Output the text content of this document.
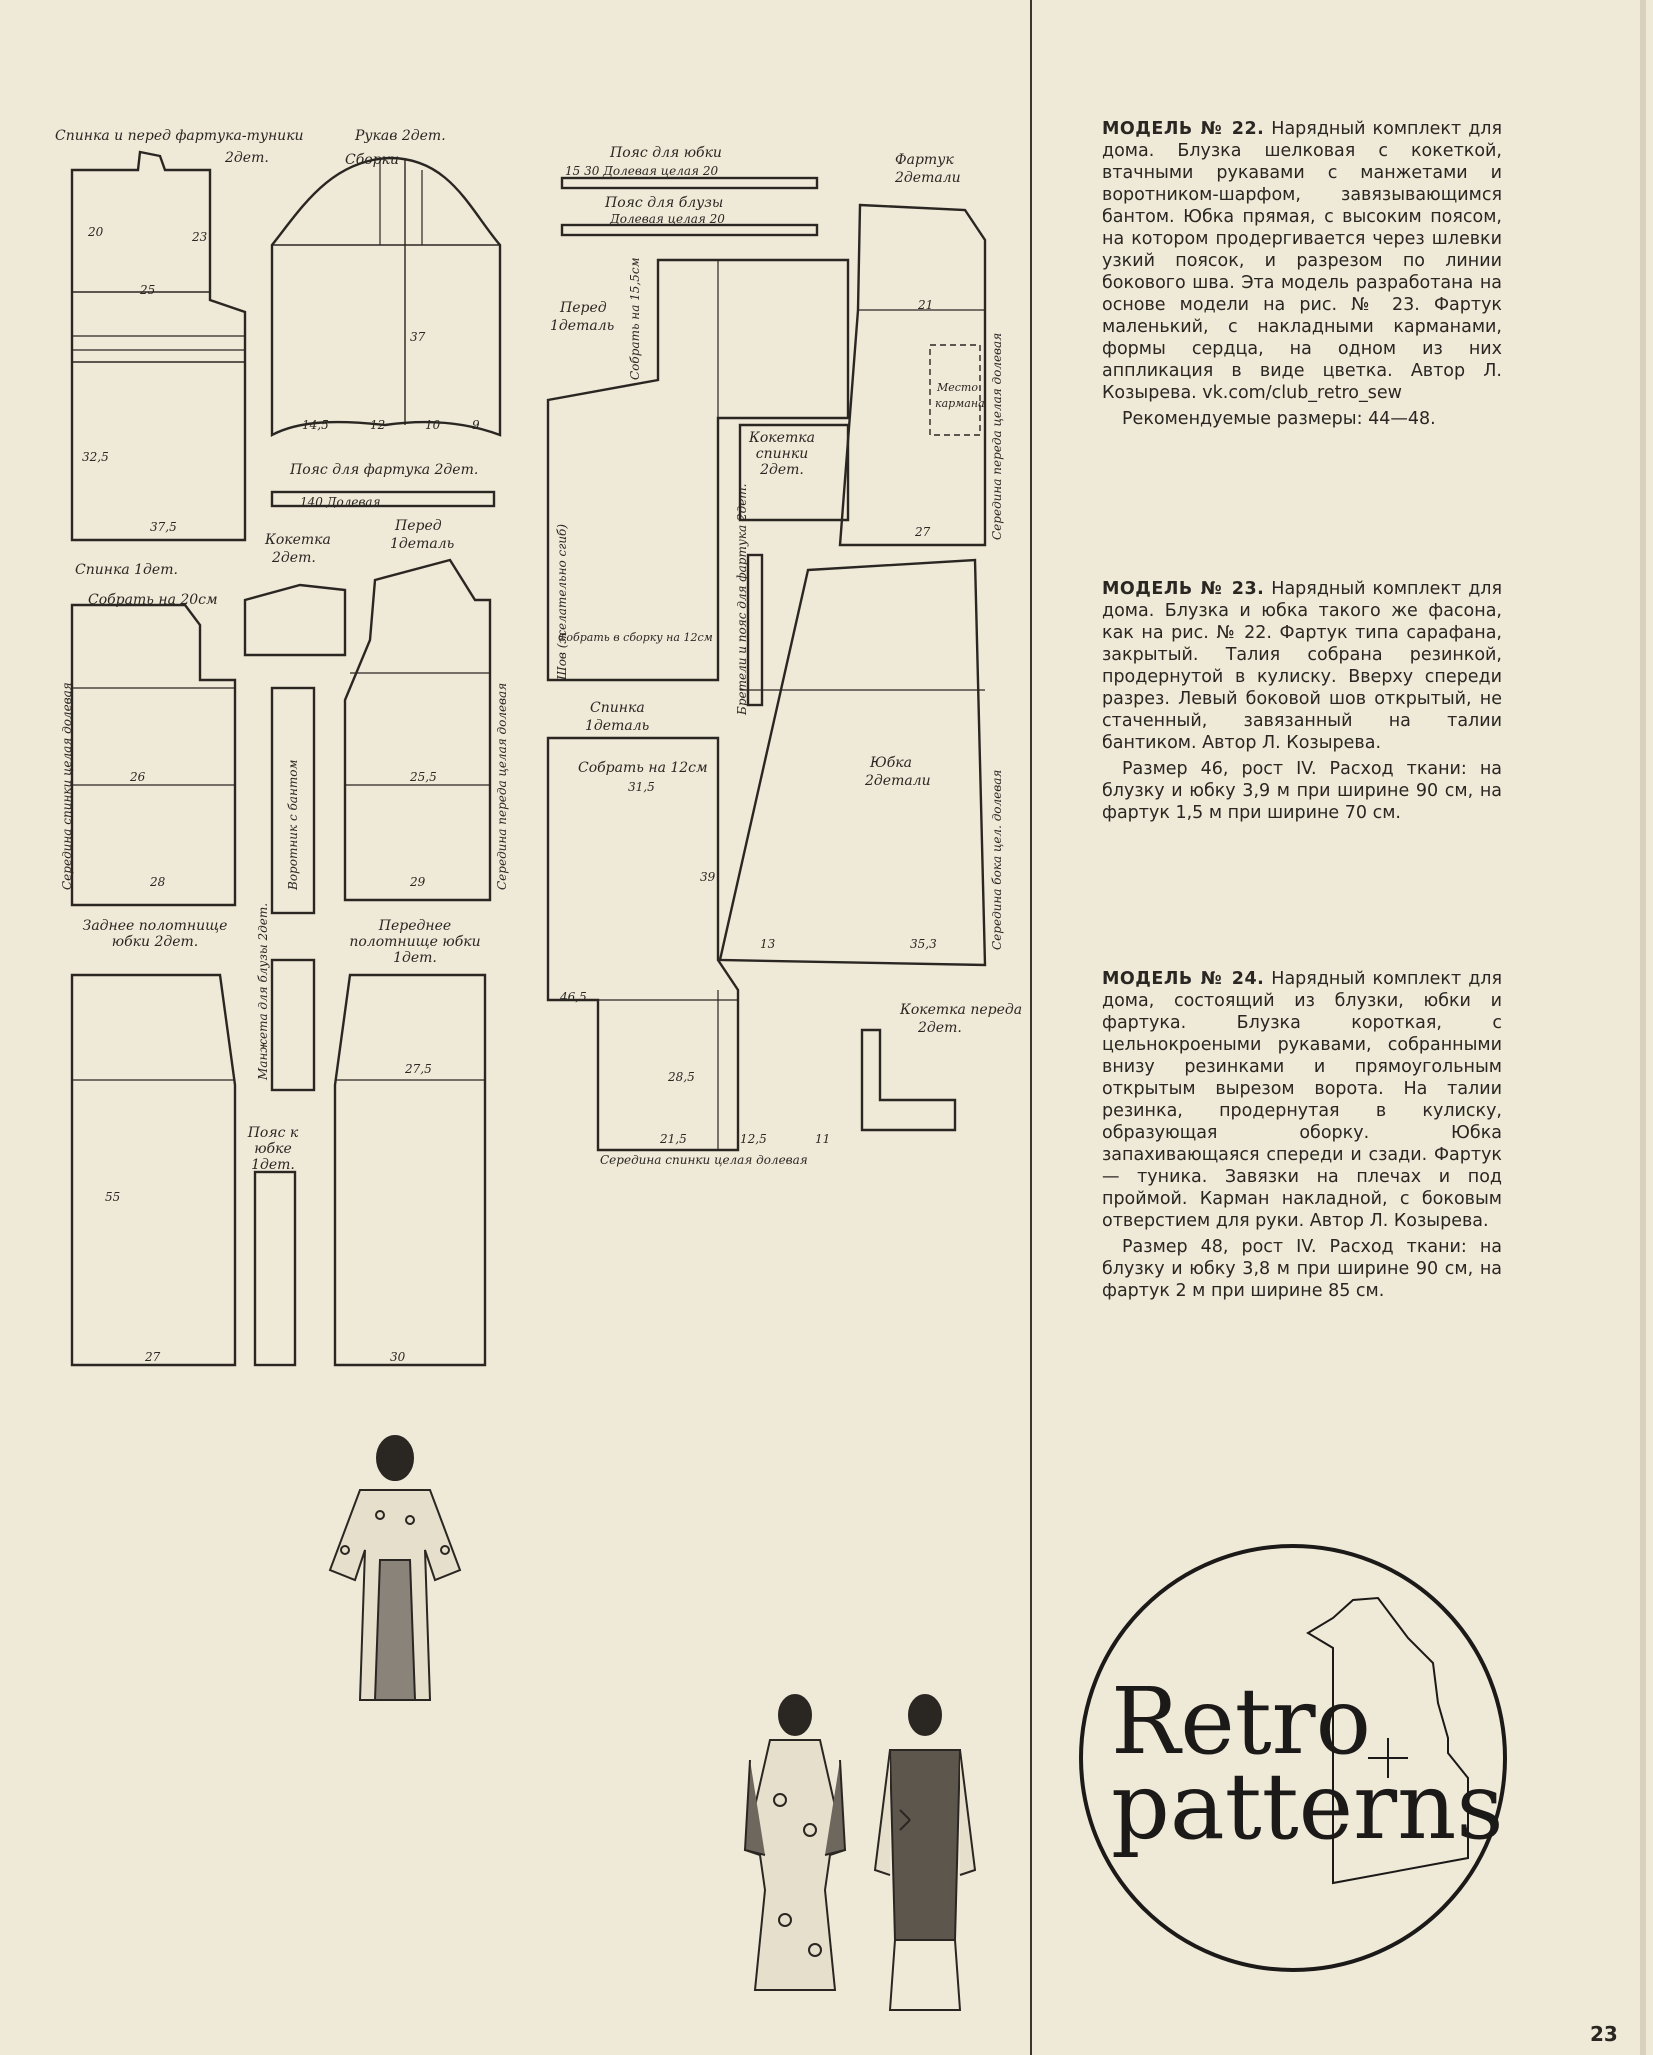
Спинка и перед фартука-туники
2дет.
Рукав 2дет.
Сборки
Пояс для фартука 2дет.
140 Долевая
Спинка 1дет.
Кокетка
2дет.
Перед
1деталь
Собрать на 20см
Заднее полотнище юбки 2дет.
Переднее полотнище юбки 1дет.
Пояс к юбке 1дет.
Пояс для юбки
15 30 Долевая целая 20
Пояс для блузы
Долевая целая 20
Фартук
2детали
Перед
1деталь
Кокетка спинки 2дет.
Место кармана
Спинка
1деталь
Собрать на 12см
Собрать в сборку на 12см
Юбка
2детали
Кокетка переда
2дет.
Середина спинки целая долевая
Середина спинки целая долевая	Середина переда целая долевая
Воротник с бантом
Манжета для блузы 2дет.
Шов (желательно сгиб)	Бретели и пояс для фартука 2дет.
Середина бока цел. долевая
Середина переда целая долевая
Собрать на 15,5см
25
20	23
32,5
37,5
14,5	12	10	9
37
26
28
25,5
29
55
27	30
27,5
21
27
31,5
39
21,5	12,5	11
35,3
13
46,5
28,5

МОДЕЛЬ № 22. Нарядный комплект для дома. Блузка шелковая с кокеткой, втачными рукавами с манжетами и воротником-шарфом, завязывающимся бантом. Юбка прямая, с высоким поясом, на котором продергивается через шлевки узкий поясок, и разрезом по линии бокового шва. Эта модель разработана на основе модели на рис. № 23. Фартук маленький, с накладными карманами, формы сердца, на одном из них аппликация в виде цветка. Автор Л. Козырева. vk.com/club_retro_sew

Рекомендуемые размеры: 44—48.

МОДЕЛЬ № 23. Нарядный комплект для дома. Блузка и юбка такого же фасона, как на рис. № 22. Фартук типа сарафана, закрытый. Талия собрана резинкой, продернутой в кулиску. Вверху спереди разрез. Левый боковой шов открытый, не стаченный, завязанный на талии бантиком. Автор Л. Козырева.

Размер 46, рост IV. Расход ткани: на блузку и юбку 3,9 м при ширине 90 см, на фартук 1,5 м при ширине 70 см.

МОДЕЛЬ № 24. Нарядный комплект для дома, состоящий из блузки, юбки и фартука. Блузка короткая, с цельнокроеными рукавами, собранными внизу резинками и прямоугольным открытым вырезом ворота. На талии резинка, продернутая в кулиску, образующая оборку. Юбка запахивающаяся спереди и сзади. Фартук — туника. Завязки на плечах и под проймой. Карман накладной, с боковым отверстием для руки. Автор Л. Козырева.

Размер 48, рост IV. Расход ткани: на блузку и юбку 3,8 м при ширине 90 см, на фартук 2 м при ширине 85 см.

Retro
patterns
23
